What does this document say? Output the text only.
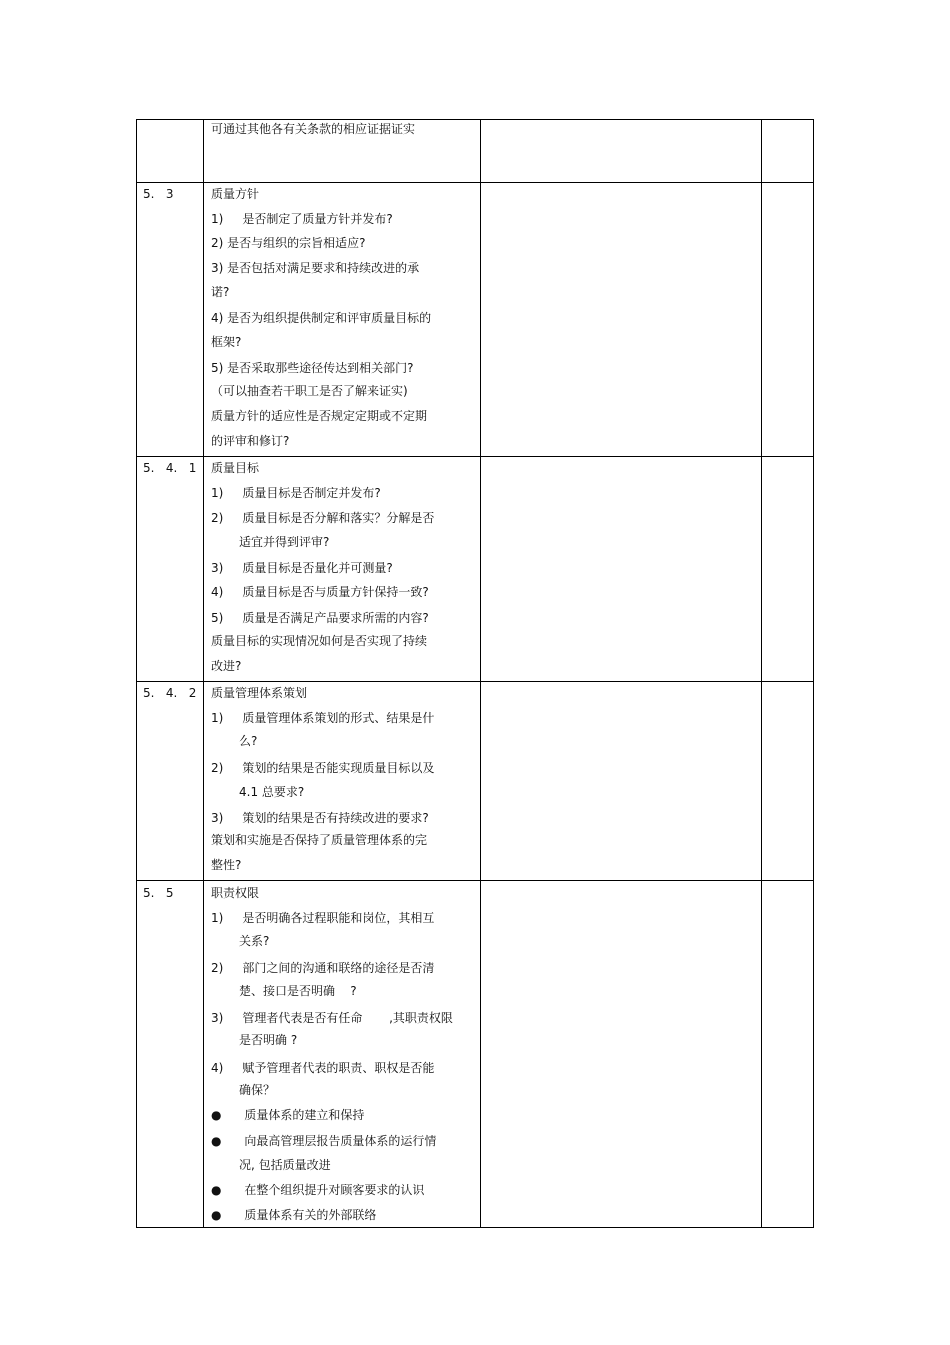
可通过其他各有关条款的相应证据证实
5.   3	质量方针
1)     是否制定了质量方针并发布?
2) 是否与组织的宗旨相适应?
3) 是否包括对满足要求和持续改进的承
诺?
4) 是否为组织提供制定和评审质量目标的
框架?
5) 是否采取那些途径传达到相关部门?
（可以抽查若干职工是否了解来证实)
质量方针的适应性是否规定定期或不定期
的评审和修订?
5.   4.   1 质量目标
1)     质量目标是否制定并发布?
2)     质量目标是否分解和落实？分解是否
适宜并得到评审?
3)     质量目标是否量化并可测量?
4)     质量目标是否与质量方针保持一致?
5)     质量是否满足产品要求所需的内容?
质量目标的实现情况如何是否实现了持续
改进?
5.   4.   2 质量管理体系策划
1)     质量管理体系策划的形式、结果是什
么?
2)     策划的结果是否能实现质量目标以及
4.1 总要求?
3)     策划的结果是否有持续改进的要求?
策划和实施是否保持了质量管理体系的完
整性?
5.   5	职责权限
1)     是否明确各过程职能和岗位，其相互
关系?
2)     部门之间的沟通和联络的途径是否清
楚、接口是否明确    ?
3)     管理者代表是否有任命       ,其职责权限
是否明确 ?
4)     赋予管理者代表的职责、职权是否能
确保？
●      质量体系的建立和保持
●      向最高管理层报告质量体系的运行情
况, 包括质量改进
●      在整个组织提升对顾客要求的认识
●      质量体系有关的外部联络
